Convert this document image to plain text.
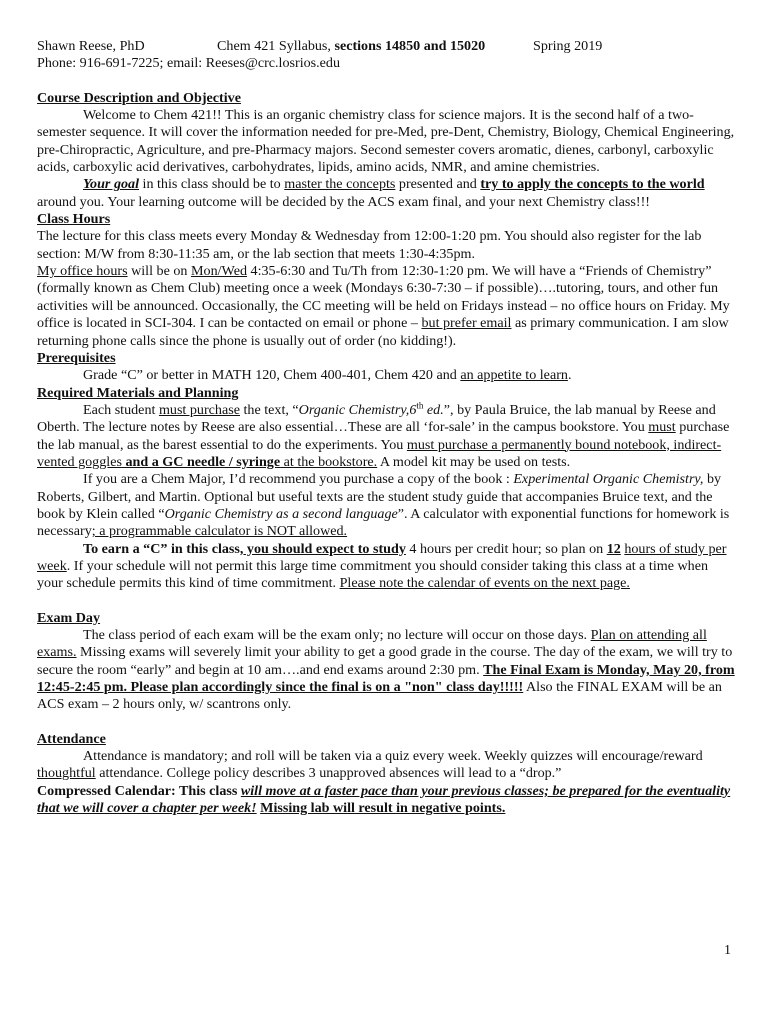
Shawn Reese, PhD	Chem 421 Syllabus, sections 14850 and 15020	Spring 2019

Phone: 916-691-7225; email: Reeses@crc.losrios.edu

Course Description and Objective

Welcome to Chem 421!! This is an organic chemistry class for science majors. It is the second half of a two-semester sequence. It will cover the information needed for pre-Med, pre-Dent, Chemistry, Biology, Chemical Engineering, pre-Chiropractic, Agriculture, and pre-Pharmacy majors. Second semester covers aromatic, dienes, carbonyl, carboxylic acids, carboxylic acid derivatives, carbohydrates, lipids, amino acids, NMR, and amine chemistries.

Your goal in this class should be to master the concepts presented and try to apply the concepts to the world around you. Your learning outcome will be decided by the ACS exam final, and your next Chemistry class!!!

Class Hours

The lecture for this class meets every Monday & Wednesday from 12:00-1:20 pm. You should also register for the lab section: M/W from 8:30-11:35 am, or the lab section that meets 1:30-4:35pm.

My office hours will be on Mon/Wed 4:35-6:30 and Tu/Th from 12:30-1:20 pm. We will have a “Friends of Chemistry” (formally known as Chem Club) meeting once a week (Mondays 6:30-7:30 – if possible)….tutoring, tours, and other fun activities will be announced. Occasionally, the CC meeting will be held on Fridays instead – no office hours on Friday. My office is located in SCI-304. I can be contacted on email or phone – but prefer email as primary communication. I am slow returning phone calls since the phone is usually out of order (no kidding!).

Prerequisites

Grade “C” or better in MATH 120, Chem 400-401, Chem 420 and an appetite to learn.

Required Materials and Planning

Each student must purchase the text, “Organic Chemistry,6th ed.”, by Paula Bruice, the lab manual by Reese and Oberth. The lecture notes by Reese are also essential…These are all ‘for-sale’ in the campus bookstore. You must purchase the lab manual, as the barest essential to do the experiments. You must purchase a permanently bound notebook, indirect-vented goggles and a GC needle / syringe at the bookstore. A model kit may be used on tests.

If you are a Chem Major, I’d recommend you purchase a copy of the book : Experimental Organic Chemistry, by Roberts, Gilbert, and Martin. Optional but useful texts are the student study guide that accompanies Bruice text, and the book by Klein called “Organic Chemistry as a second language”. A calculator with exponential functions for homework is necessary; a programmable calculator is NOT allowed.

To earn a “C” in this class, you should expect to study 4 hours per credit hour; so plan on 12 hours of study per week. If your schedule will not permit this large time commitment you should consider taking this class at a time when your schedule permits this kind of time commitment. Please note the calendar of events on the next page.

Exam Day

The class period of each exam will be the exam only; no lecture will occur on those days. Plan on attending all exams. Missing exams will severely limit your ability to get a good grade in the course. The day of the exam, we will try to secure the room “early” and begin at 10 am….and end exams around 2:30 pm. The Final Exam is Monday, May 20, from 12:45-2:45 pm. Please plan accordingly since the final is on a "non" class day!!!!! Also the FINAL EXAM will be an ACS exam – 2 hours only, w/ scantrons only.

Attendance

Attendance is mandatory; and roll will be taken via a quiz every week. Weekly quizzes will encourage/reward thoughtful attendance. College policy describes 3 unapproved absences will lead to a “drop.”

Compressed Calendar: This class will move at a faster pace than your previous classes; be prepared for the eventuality that we will cover a chapter per week! Missing lab will result in negative points.

1
